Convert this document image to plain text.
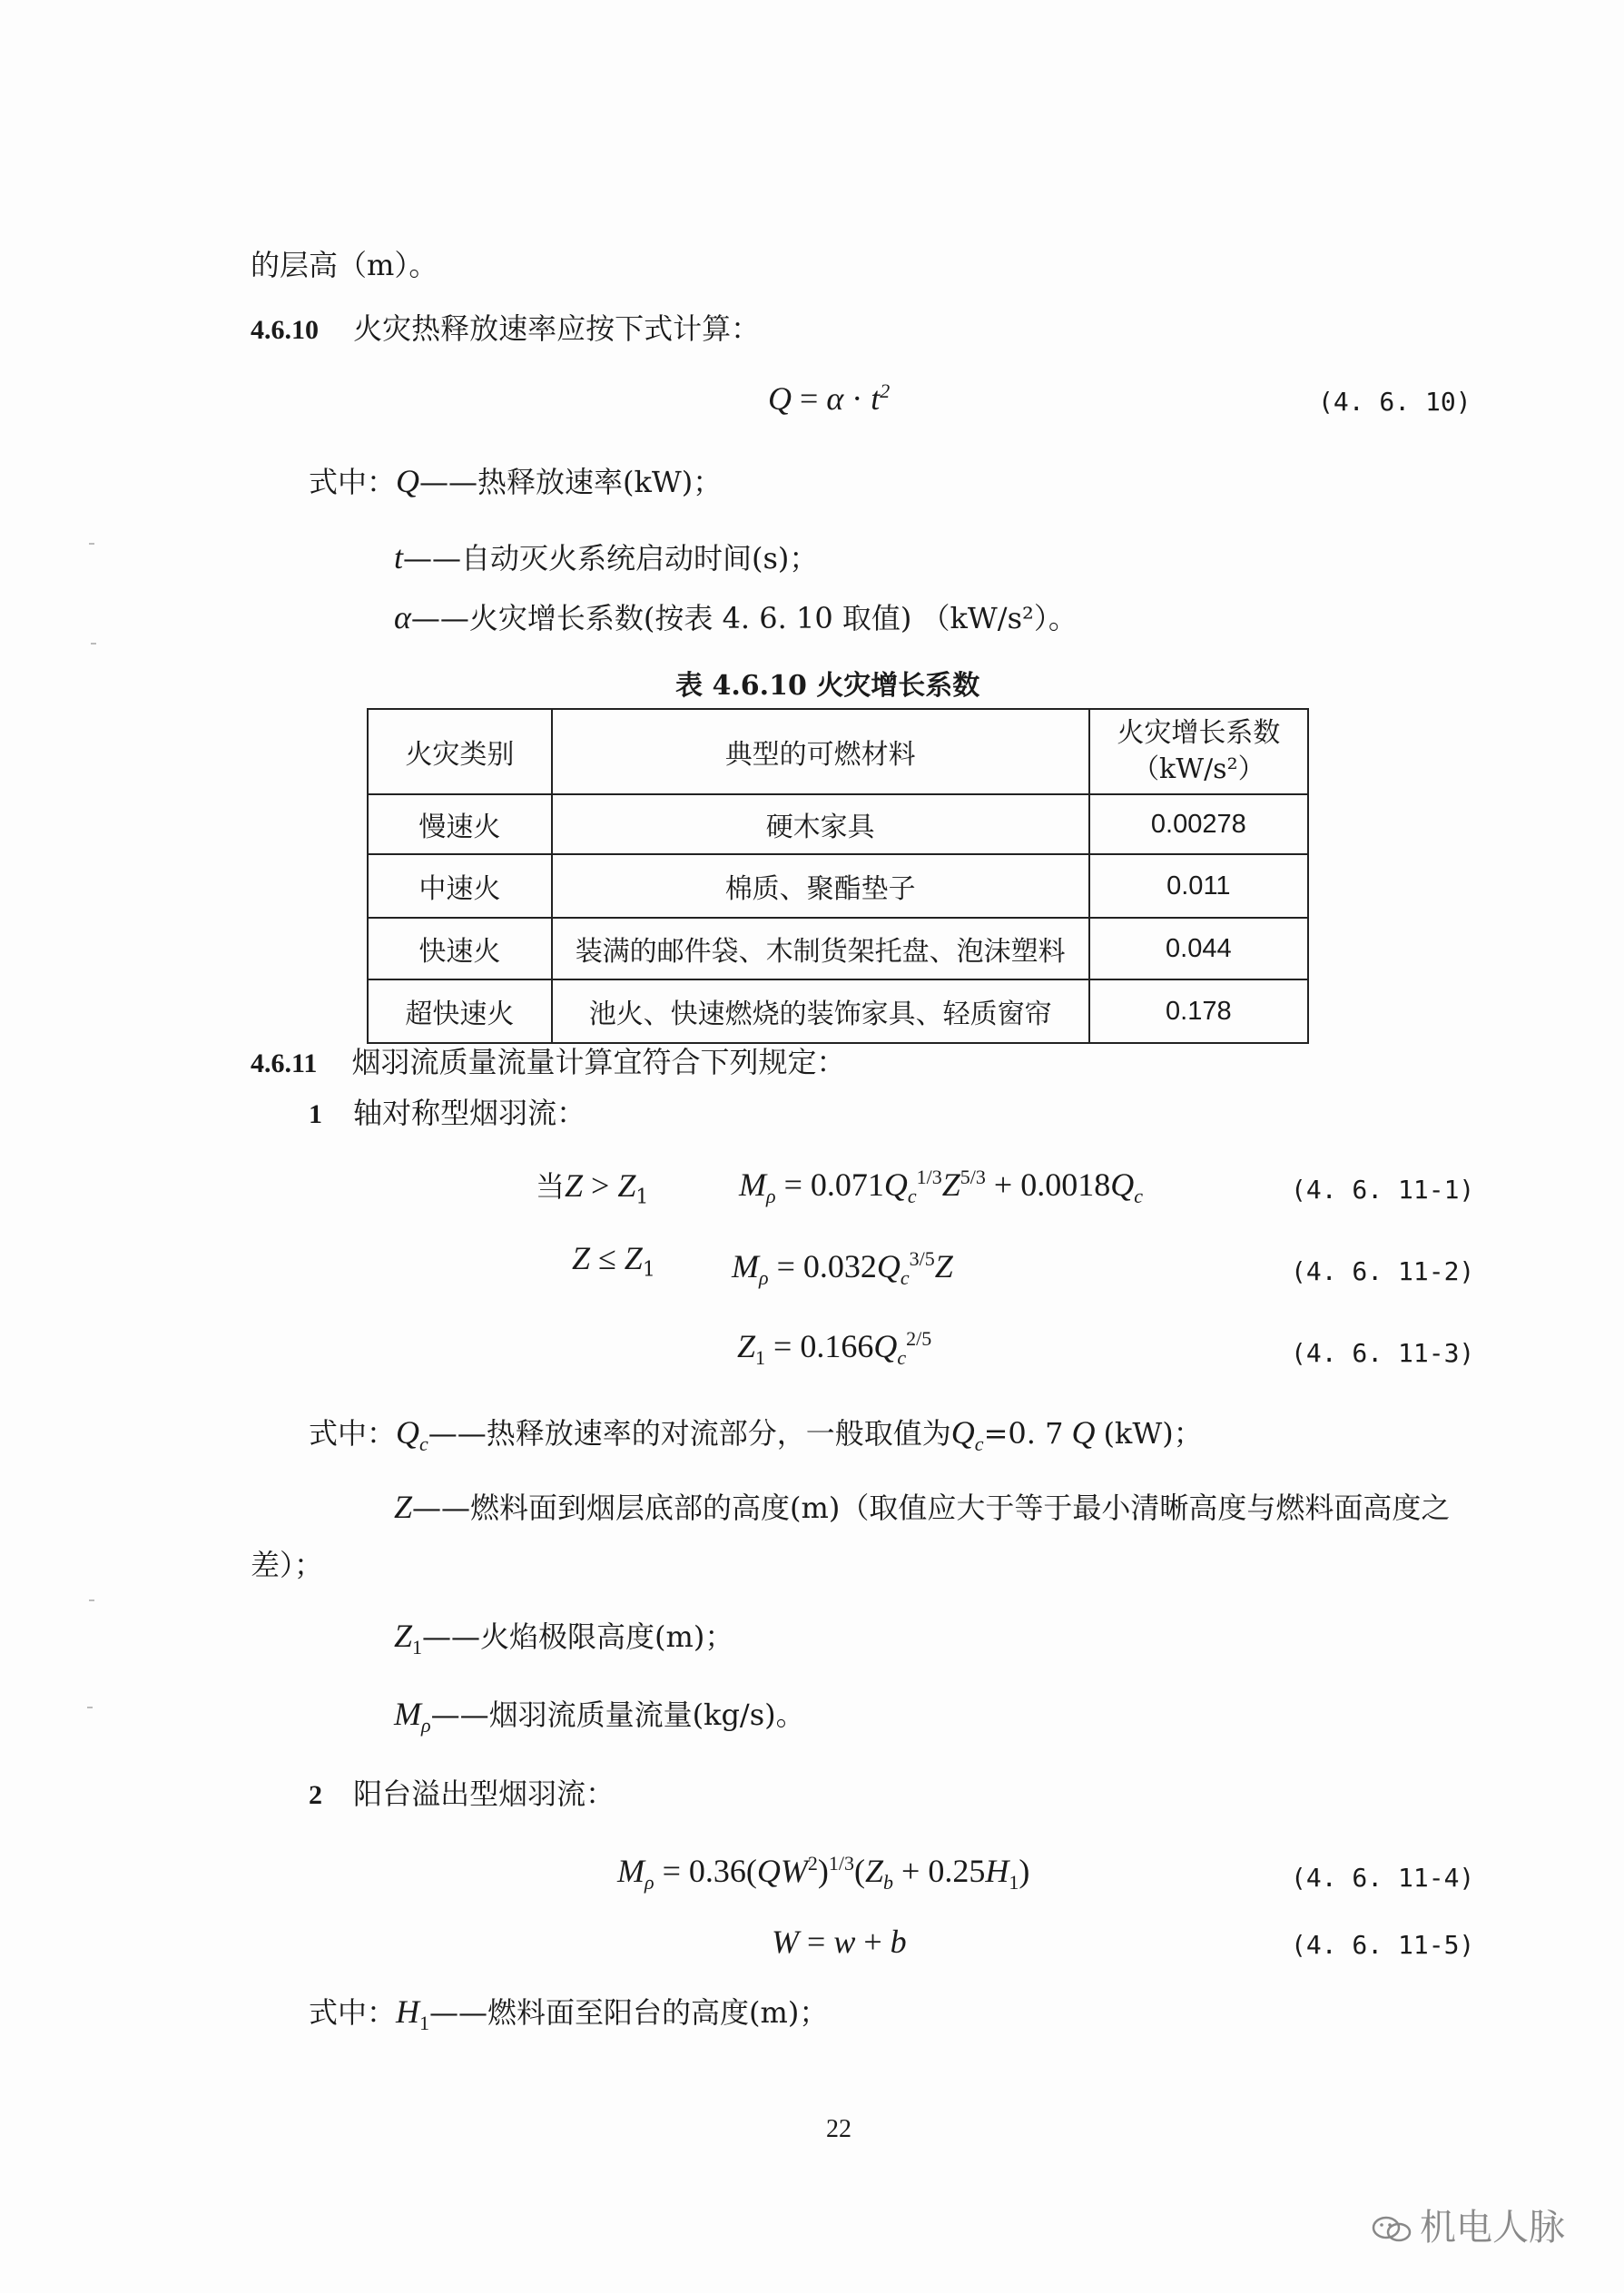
的层高（m）。
4.6.10 火灾热释放速率应按下式计算：
$Q = \alpha \cdot t^2$	(4. 6. 10)
式中：Q——热释放速率(kW)；
t——自动灭火系统启动时间(s)；
α——火灾增长系数(按表 4. 6. 10 取值) （kW/s²）。
表 4.6.10 火灾增长系数
火灾类别	典型的可燃材料	火灾增长系数
（kW/s²）
慢速火	硬木家具	0.00278
中速火	棉质、聚酯垫子	0.011
快速火	装满的邮件袋、木制货架托盘、泡沫塑料	0.044
超快速火	池火、快速燃烧的装饰家具、轻质窗帘	0.178
4.6.11 烟羽流质量流量计算宜符合下列规定：
1 轴对称型烟羽流：
当$Z > Z_1$	$M_\rho = 0.071Q_c^{1/3}Z^{5/3} + 0.0018Q_c$	(4. 6. 11-1)
$Z \le Z_1$ $M_\rho = 0.032Q_c^{3/5}Z$	(4. 6. 11-2)
$Z_1 = 0.166Q_c^{2/5}$	(4. 6. 11-3)
式中：$Q_c——$热释放速率的对流部分，一般取值为$Q_c=0$. 7 Q (kW)；
Z——燃料面到烟层底部的高度(m)（取值应大于等于最小清晰高度与燃料面高度之
差）；
$Z_1——$火焰极限高度(m)；
$M_\rho——$烟羽流质量流量(kg/s)。
2 阳台溢出型烟羽流：
$M_\rho = 0.36(QW^2)^{1/3}(Z_b + 0.25H_1)$	(4. 6. 11-4)
W = w + b	(4. 6. 11-5)
式中：$H_1——$燃料面至阳台的高度(m)；
22
机电人脉
